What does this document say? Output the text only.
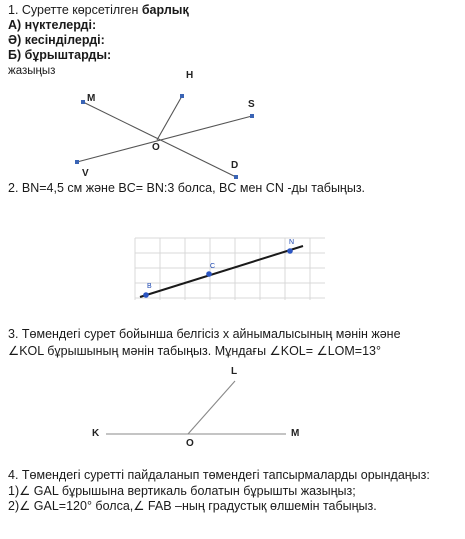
1. Суретте көрсетілген барлық

А) нүктелерді:

Ә) кесінділерді:

Б) бұрыштарды:

жазыңыз

M
H
S
O
V
D
B
C
N
L
K
O
M

2. BN=4,5 см және BC= BN:3 болса, BC мен CN -ды табыңыз.

3. Төмендегі сурет бойынша белгісіз х айнымалысының мәнін және

∠KOL бұрышының мәнін табыңыз. Мұндағы ∠KOL= ∠LOM=13°

4. Төмендегі суретті пайдаланып төмендегі тапсырмаларды орындаңыз:

1)∠ GAL бұрышына вертикаль болатын бұрышты жазыңыз;

2)∠ GAL=120° болса,∠ FAB –ның градустық өлшемін табыңыз.
